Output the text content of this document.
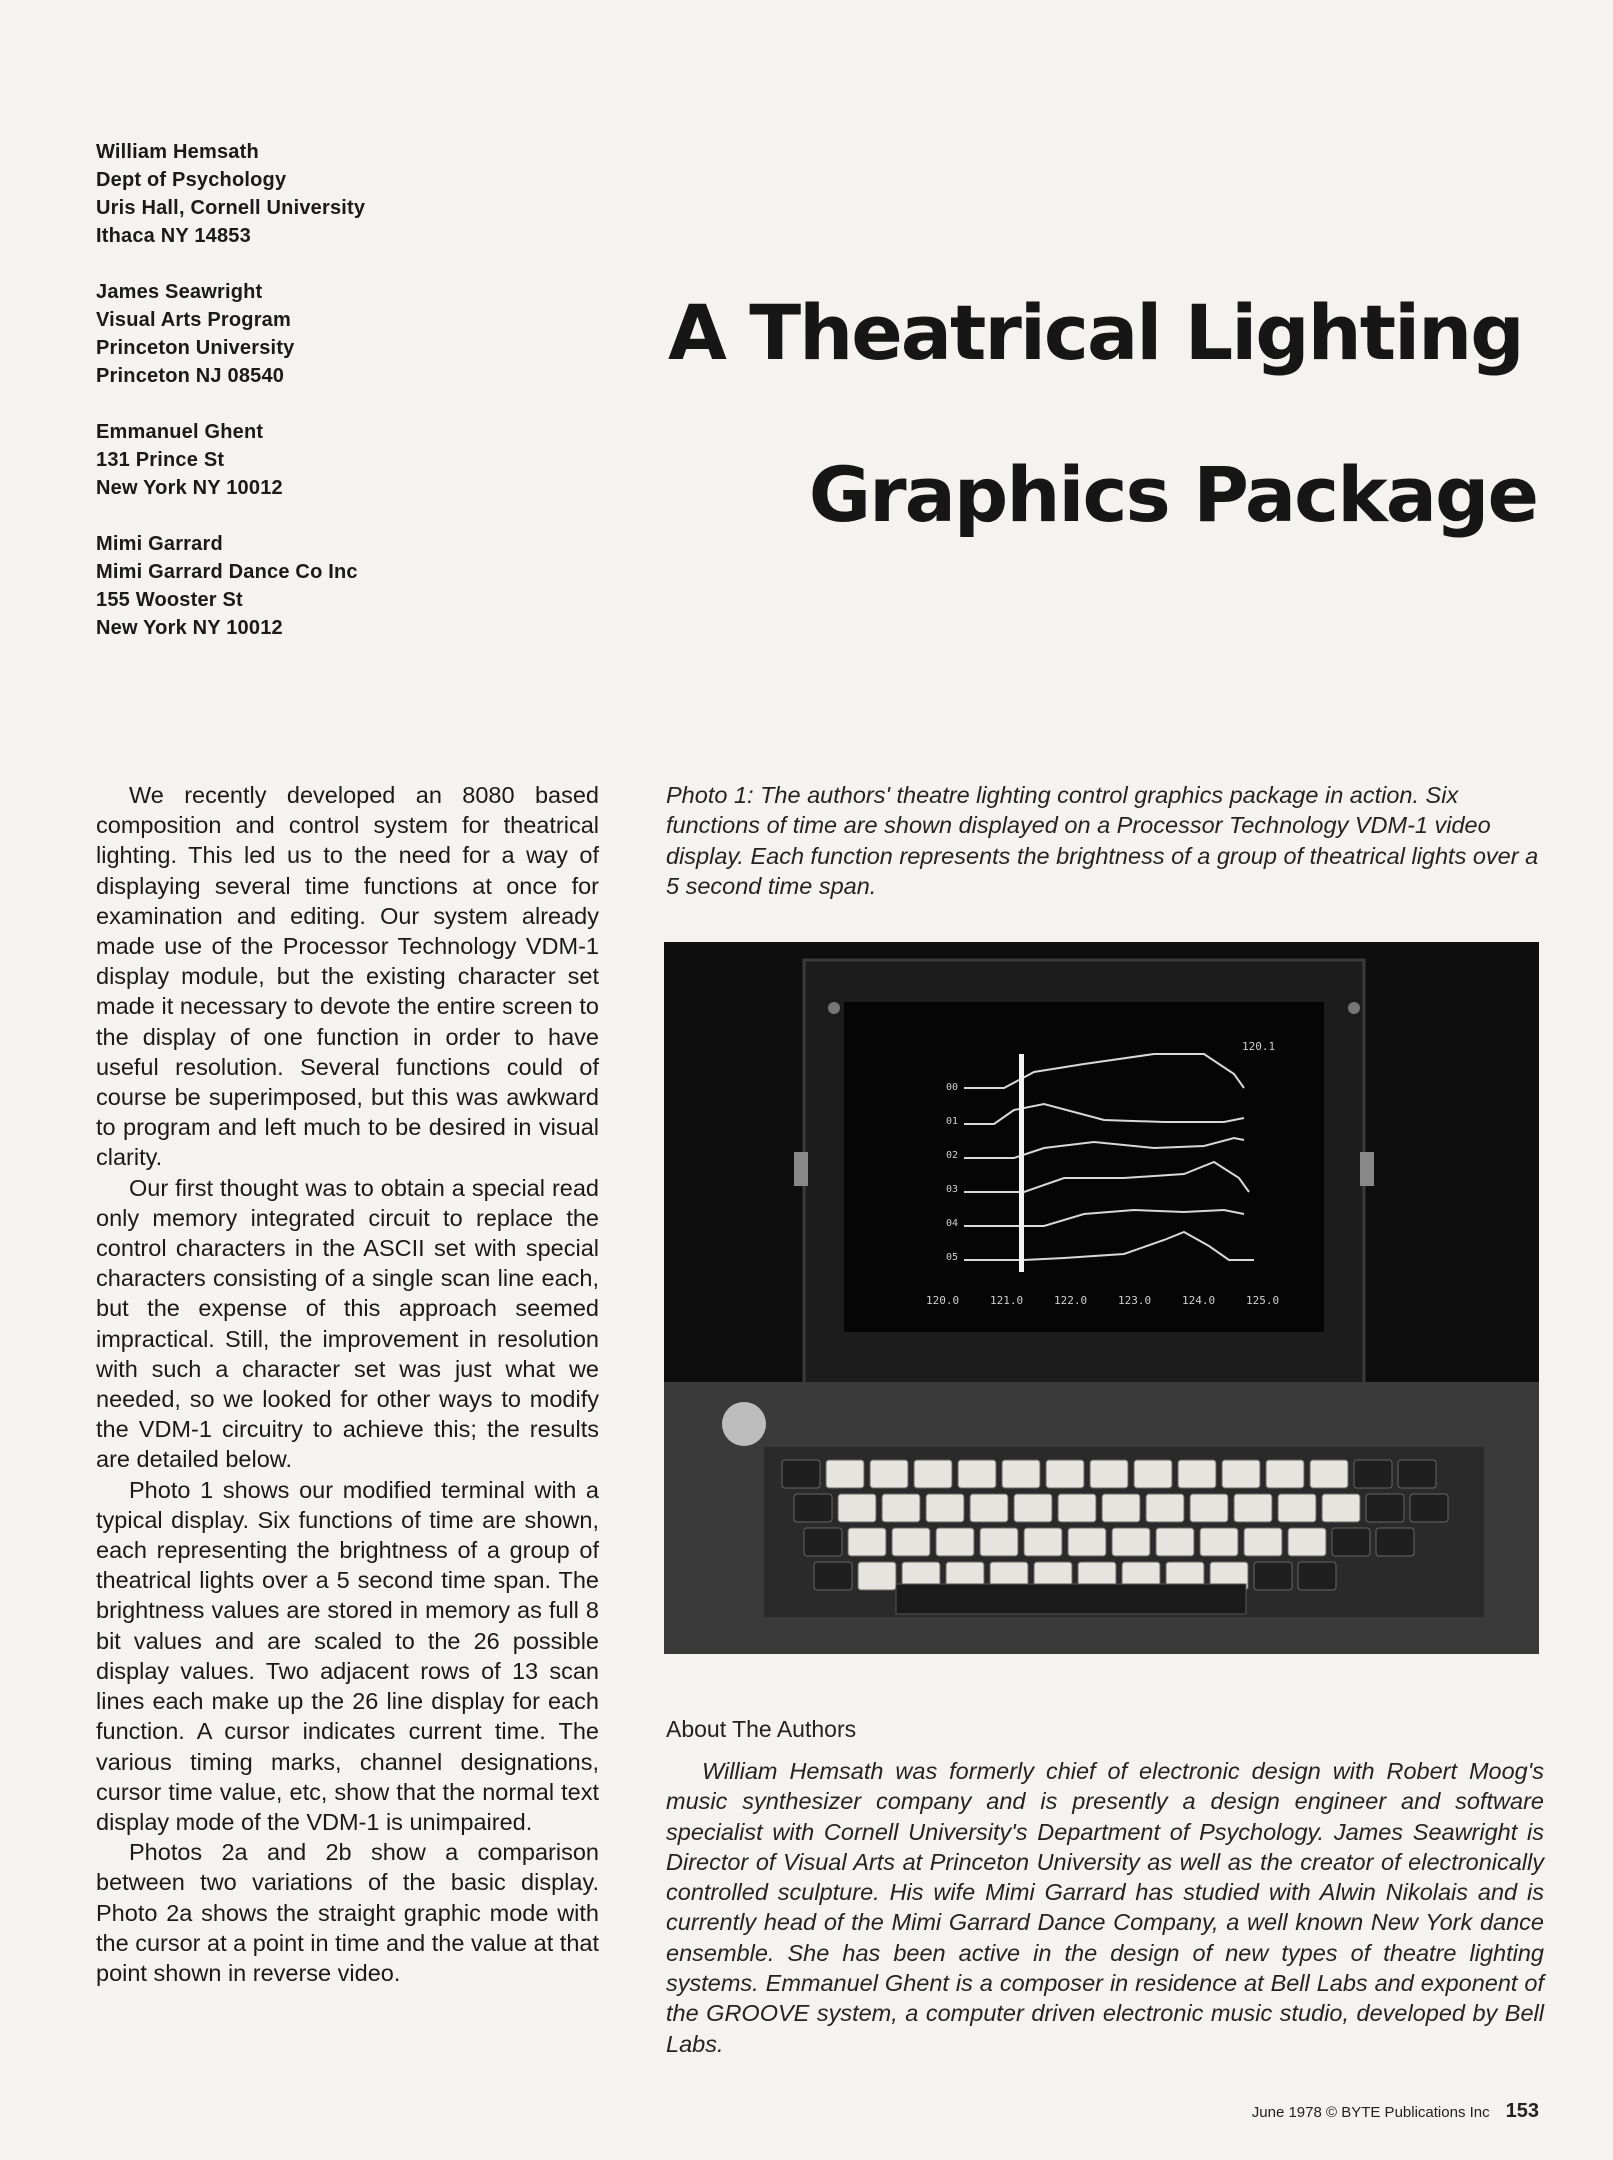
William Hemsath
Dept of Psychology
Uris Hall, Cornell University
Ithaca NY 14853
James Seawright
Visual Arts Program
Princeton University
Princeton NJ 08540
Emmanuel Ghent
131 Prince St
New York NY 10012
Mimi Garrard
Mimi Garrard Dance Co Inc
155 Wooster St
New York NY 10012
A Theatrical Lighting
Graphics Package

We recently developed an 8080 based composition and control system for theatrical lighting. This led us to the need for a way of displaying several time functions at once for examination and editing. Our system already made use of the Processor Technology VDM-1 display module, but the existing character set made it necessary to devote the entire screen to the display of one function in order to have useful resolution. Several functions could of course be superimposed, but this was awkward to program and left much to be desired in visual clarity.

Our first thought was to obtain a special read only memory integrated circuit to replace the control characters in the ASCII set with special characters consisting of a single scan line each, but the expense of this approach seemed impractical. Still, the improvement in resolution with such a character set was just what we needed, so we looked for other ways to modify the VDM-1 circuitry to achieve this; the results are detailed below.

Photo 1 shows our modified terminal with a typical display. Six functions of time are shown, each representing the brightness of a group of theatrical lights over a 5 second time span. The brightness values are stored in memory as full 8 bit values and are scaled to the 26 possible display values. Two adjacent rows of 13 scan lines each make up the 26 line display for each function. A cursor indicates current time. The various timing marks, channel designations, cursor time value, etc, show that the normal text display mode of the VDM-1 is unimpaired.

Photos 2a and 2b show a comparison between two variations of the basic display. Photo 2a shows the straight graphic mode with the cursor at a point in time and the value at that point shown in reverse video.

Photo 1: The authors' theatre lighting control graphics package in action. Six functions of time are shown displayed on a Processor Technology VDM-1 video display. Each function represents the brightness of a group of theatrical lights over a 5 second time span.

120.1
00
01
02
03
04
05
120.0	121.0	122.0	123.0	124.0	125.0
About The Authors

William Hemsath was formerly chief of electronic design with Robert Moog's music synthesizer company and is presently a design engineer and software specialist with Cornell University's Department of Psychology. James Seawright is Director of Visual Arts at Princeton University as well as the creator of electronically controlled sculpture. His wife Mimi Garrard has studied with Alwin Nikolais and is currently head of the Mimi Garrard Dance Company, a well known New York dance ensemble. She has been active in the design of new types of theatre lighting systems. Emmanuel Ghent is a composer in residence at Bell Labs and exponent of the GROOVE system, a computer driven electronic music studio, developed by Bell Labs.

June 1978 © BYTE Publications Inc 153
